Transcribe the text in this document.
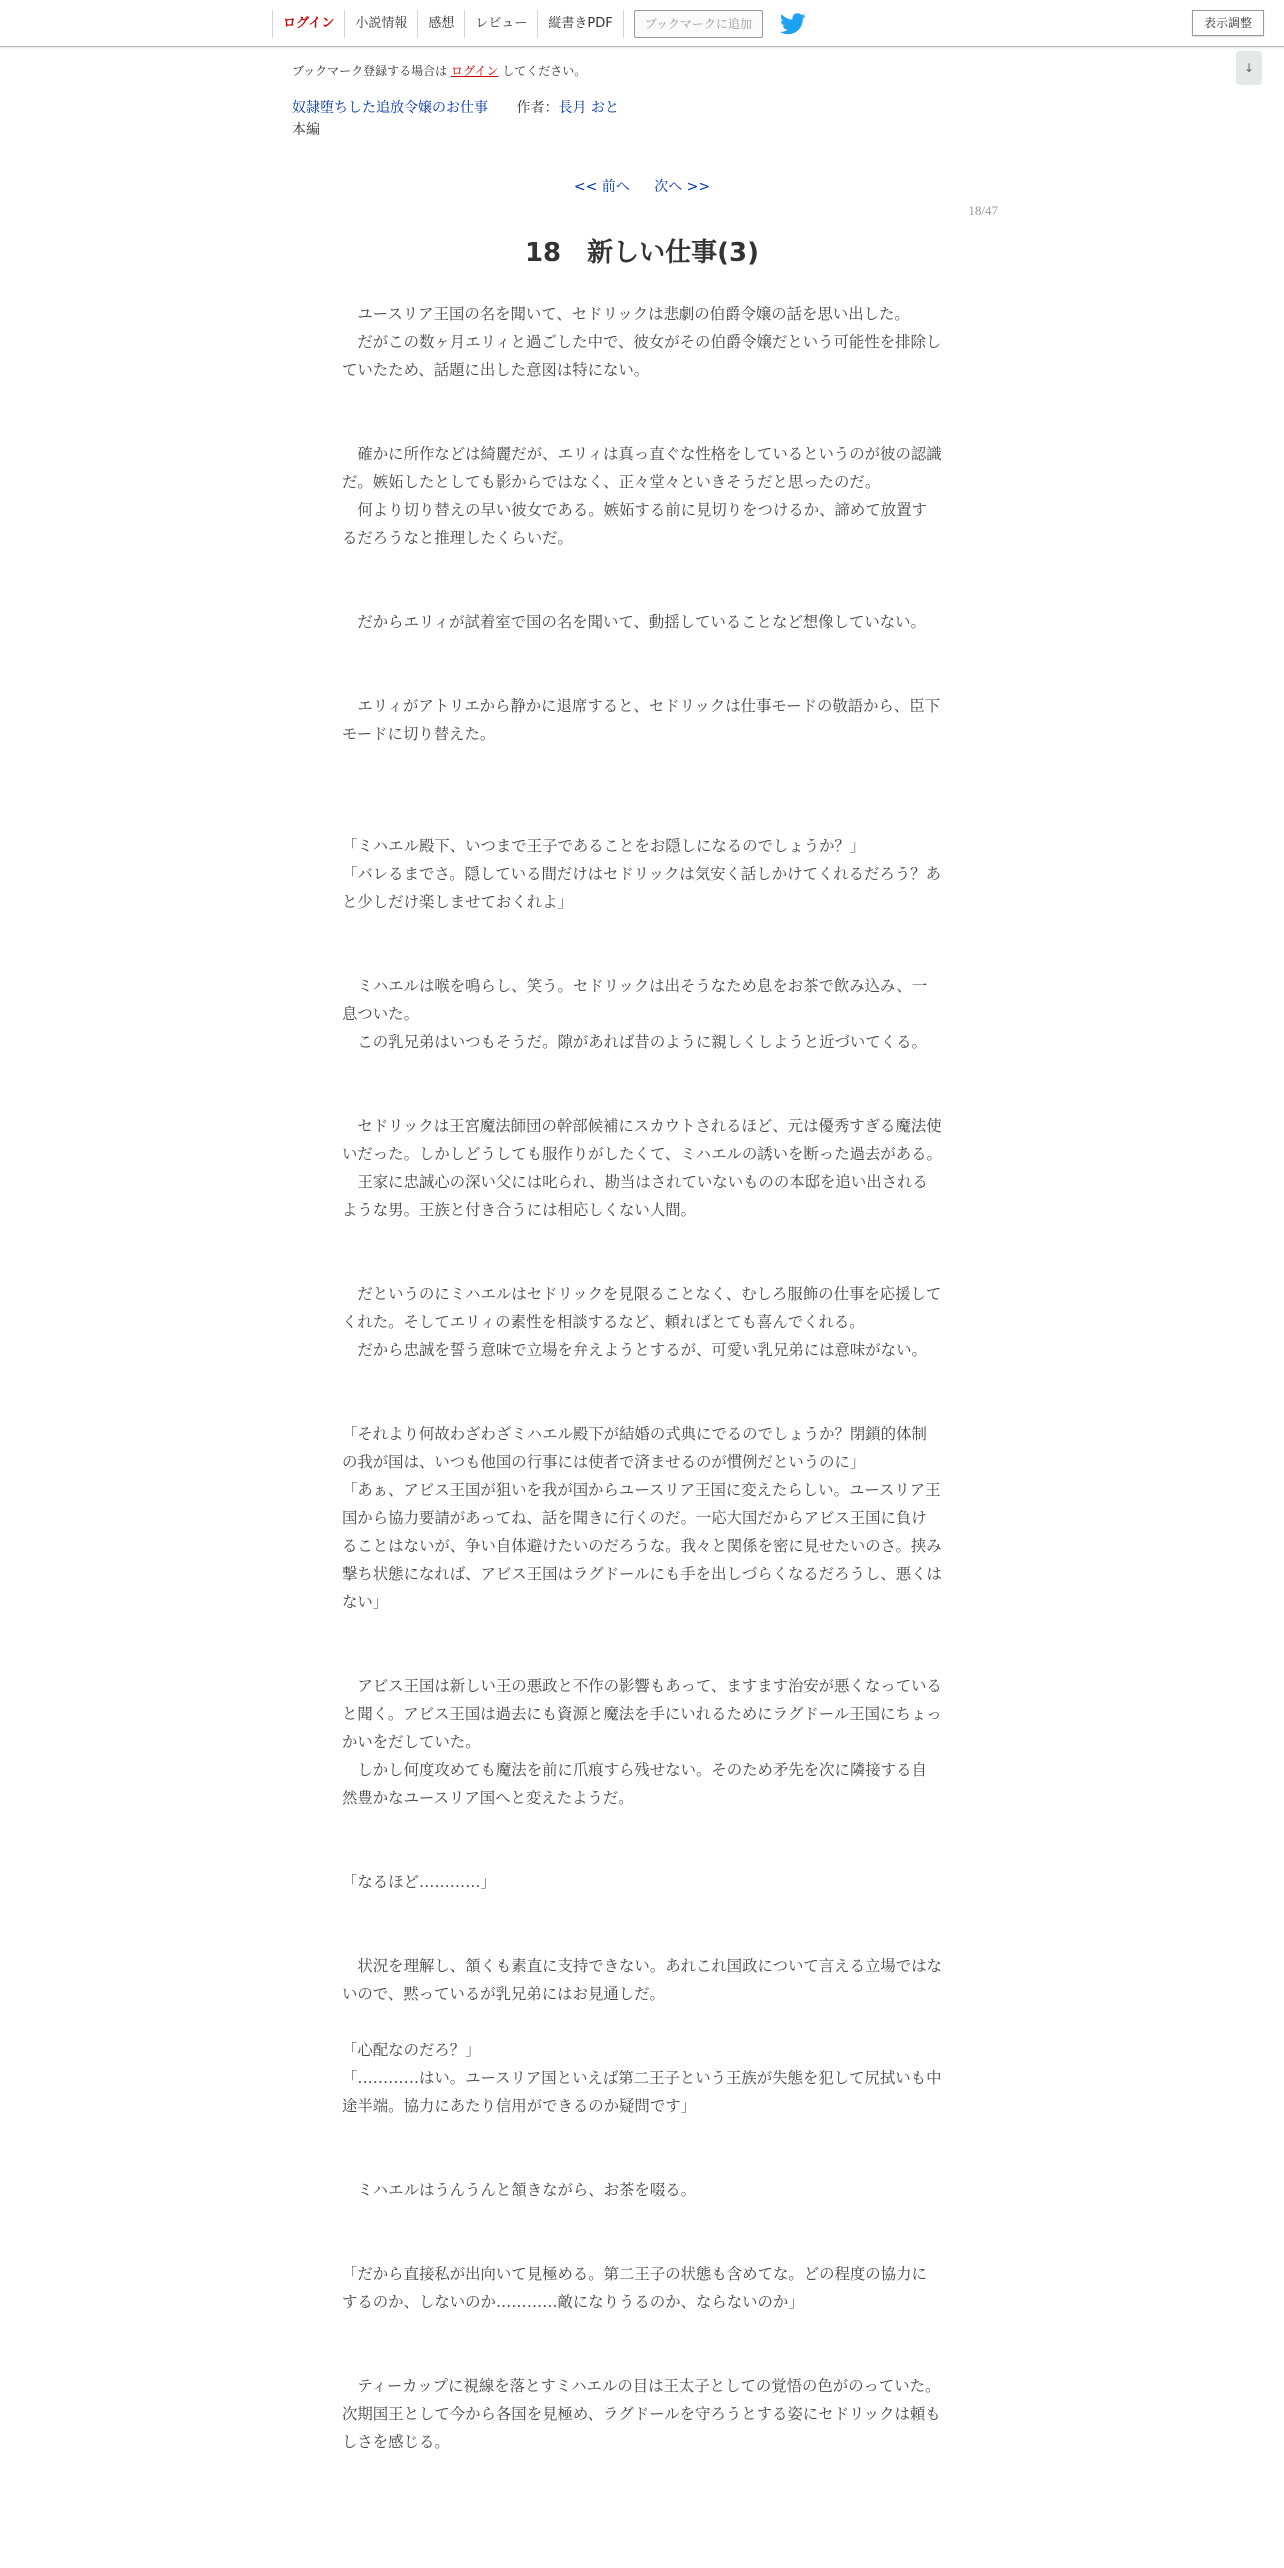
ログイン	小説情報	感想	レビュー	縦書きPDF	ブックマークに追加	表示調整
↓
ブックマーク登録する場合は ログイン してください。
奴隷堕ちした追放令嬢のお仕事 作者：長月 おと
本編
<< 前へ 次へ >>
18/47
18　新しい仕事(3)

　ユースリア王国の名を聞いて、セドリックは悲劇の伯爵令嬢の話を思い出した。

　だがこの数ヶ月エリィと過ごした中で、彼女がその伯爵令嬢だという可能性を排除していたため、話題に出した意図は特にない。

　確かに所作などは綺麗だが、エリィは真っ直ぐな性格をしているというのが彼の認識だ。嫉妬したとしても影からではなく、正々堂々といきそうだと思ったのだ。

　何より切り替えの早い彼女である。嫉妬する前に見切りをつけるか、諦めて放置するだろうなと推理したくらいだ。

　だからエリィが試着室で国の名を聞いて、動揺していることなど想像していない。

　エリィがアトリエから静かに退席すると、セドリックは仕事モードの敬語から、臣下モードに切り替えた。

「ミハエル殿下、いつまで王子であることをお隠しになるのでしょうか？」

「バレるまでさ。隠している間だけはセドリックは気安く話しかけてくれるだろう？あと少しだけ楽しませておくれよ」

　ミハエルは喉を鳴らし、笑う。セドリックは出そうなため息をお茶で飲み込み、一息ついた。

　この乳兄弟はいつもそうだ。隙があれば昔のように親しくしようと近づいてくる。

　セドリックは王宮魔法師団の幹部候補にスカウトされるほど、元は優秀すぎる魔法使いだった。しかしどうしても服作りがしたくて、ミハエルの誘いを断った過去がある。

　王家に忠誠心の深い父には叱られ、勘当はされていないものの本邸を追い出されるような男。王族と付き合うには相応しくない人間。

　だというのにミハエルはセドリックを見限ることなく、むしろ服飾の仕事を応援してくれた。そしてエリィの素性を相談するなど、頼ればとても喜んでくれる。

　だから忠誠を誓う意味で立場を弁えようとするが、可愛い乳兄弟には意味がない。

「それより何故わざわざミハエル殿下が結婚の式典にでるのでしょうか？閉鎖的体制の我が国は、いつも他国の行事には使者で済ませるのが慣例だというのに」

「あぁ、アビス王国が狙いを我が国からユースリア王国に変えたらしい。ユースリア王国から協力要請があってね、話を聞きに行くのだ。一応大国だからアビス王国に負けることはないが、争い自体避けたいのだろうな。我々と関係を密に見せたいのさ。挟み撃ち状態になれば、アビス王国はラグドールにも手を出しづらくなるだろうし、悪くはない」

　アビス王国は新しい王の悪政と不作の影響もあって、ますます治安が悪くなっていると聞く。アビス王国は過去にも資源と魔法を手にいれるためにラグドール王国にちょっかいをだしていた。

　しかし何度攻めても魔法を前に爪痕すら残せない。そのため矛先を次に隣接する自然豊かなユースリア国へと変えたようだ。

「なるほど…………」

　状況を理解し、頷くも素直に支持できない。あれこれ国政について言える立場ではないので、黙っているが乳兄弟にはお見通しだ。

「心配なのだろ？」

「…………はい。ユースリア国といえば第二王子という王族が失態を犯して尻拭いも中途半端。協力にあたり信用ができるのか疑問です」

　ミハエルはうんうんと頷きながら、お茶を啜る。

「だから直接私が出向いて見極める。第二王子の状態も含めてな。どの程度の協力にするのか、しないのか…………敵になりうるのか、ならないのか」

　ティーカップに視線を落とすミハエルの目は王太子としての覚悟の色がのっていた。次期国王として今から各国を見極め、ラグドールを守ろうとする姿にセドリックは頼もしさを感じる。
